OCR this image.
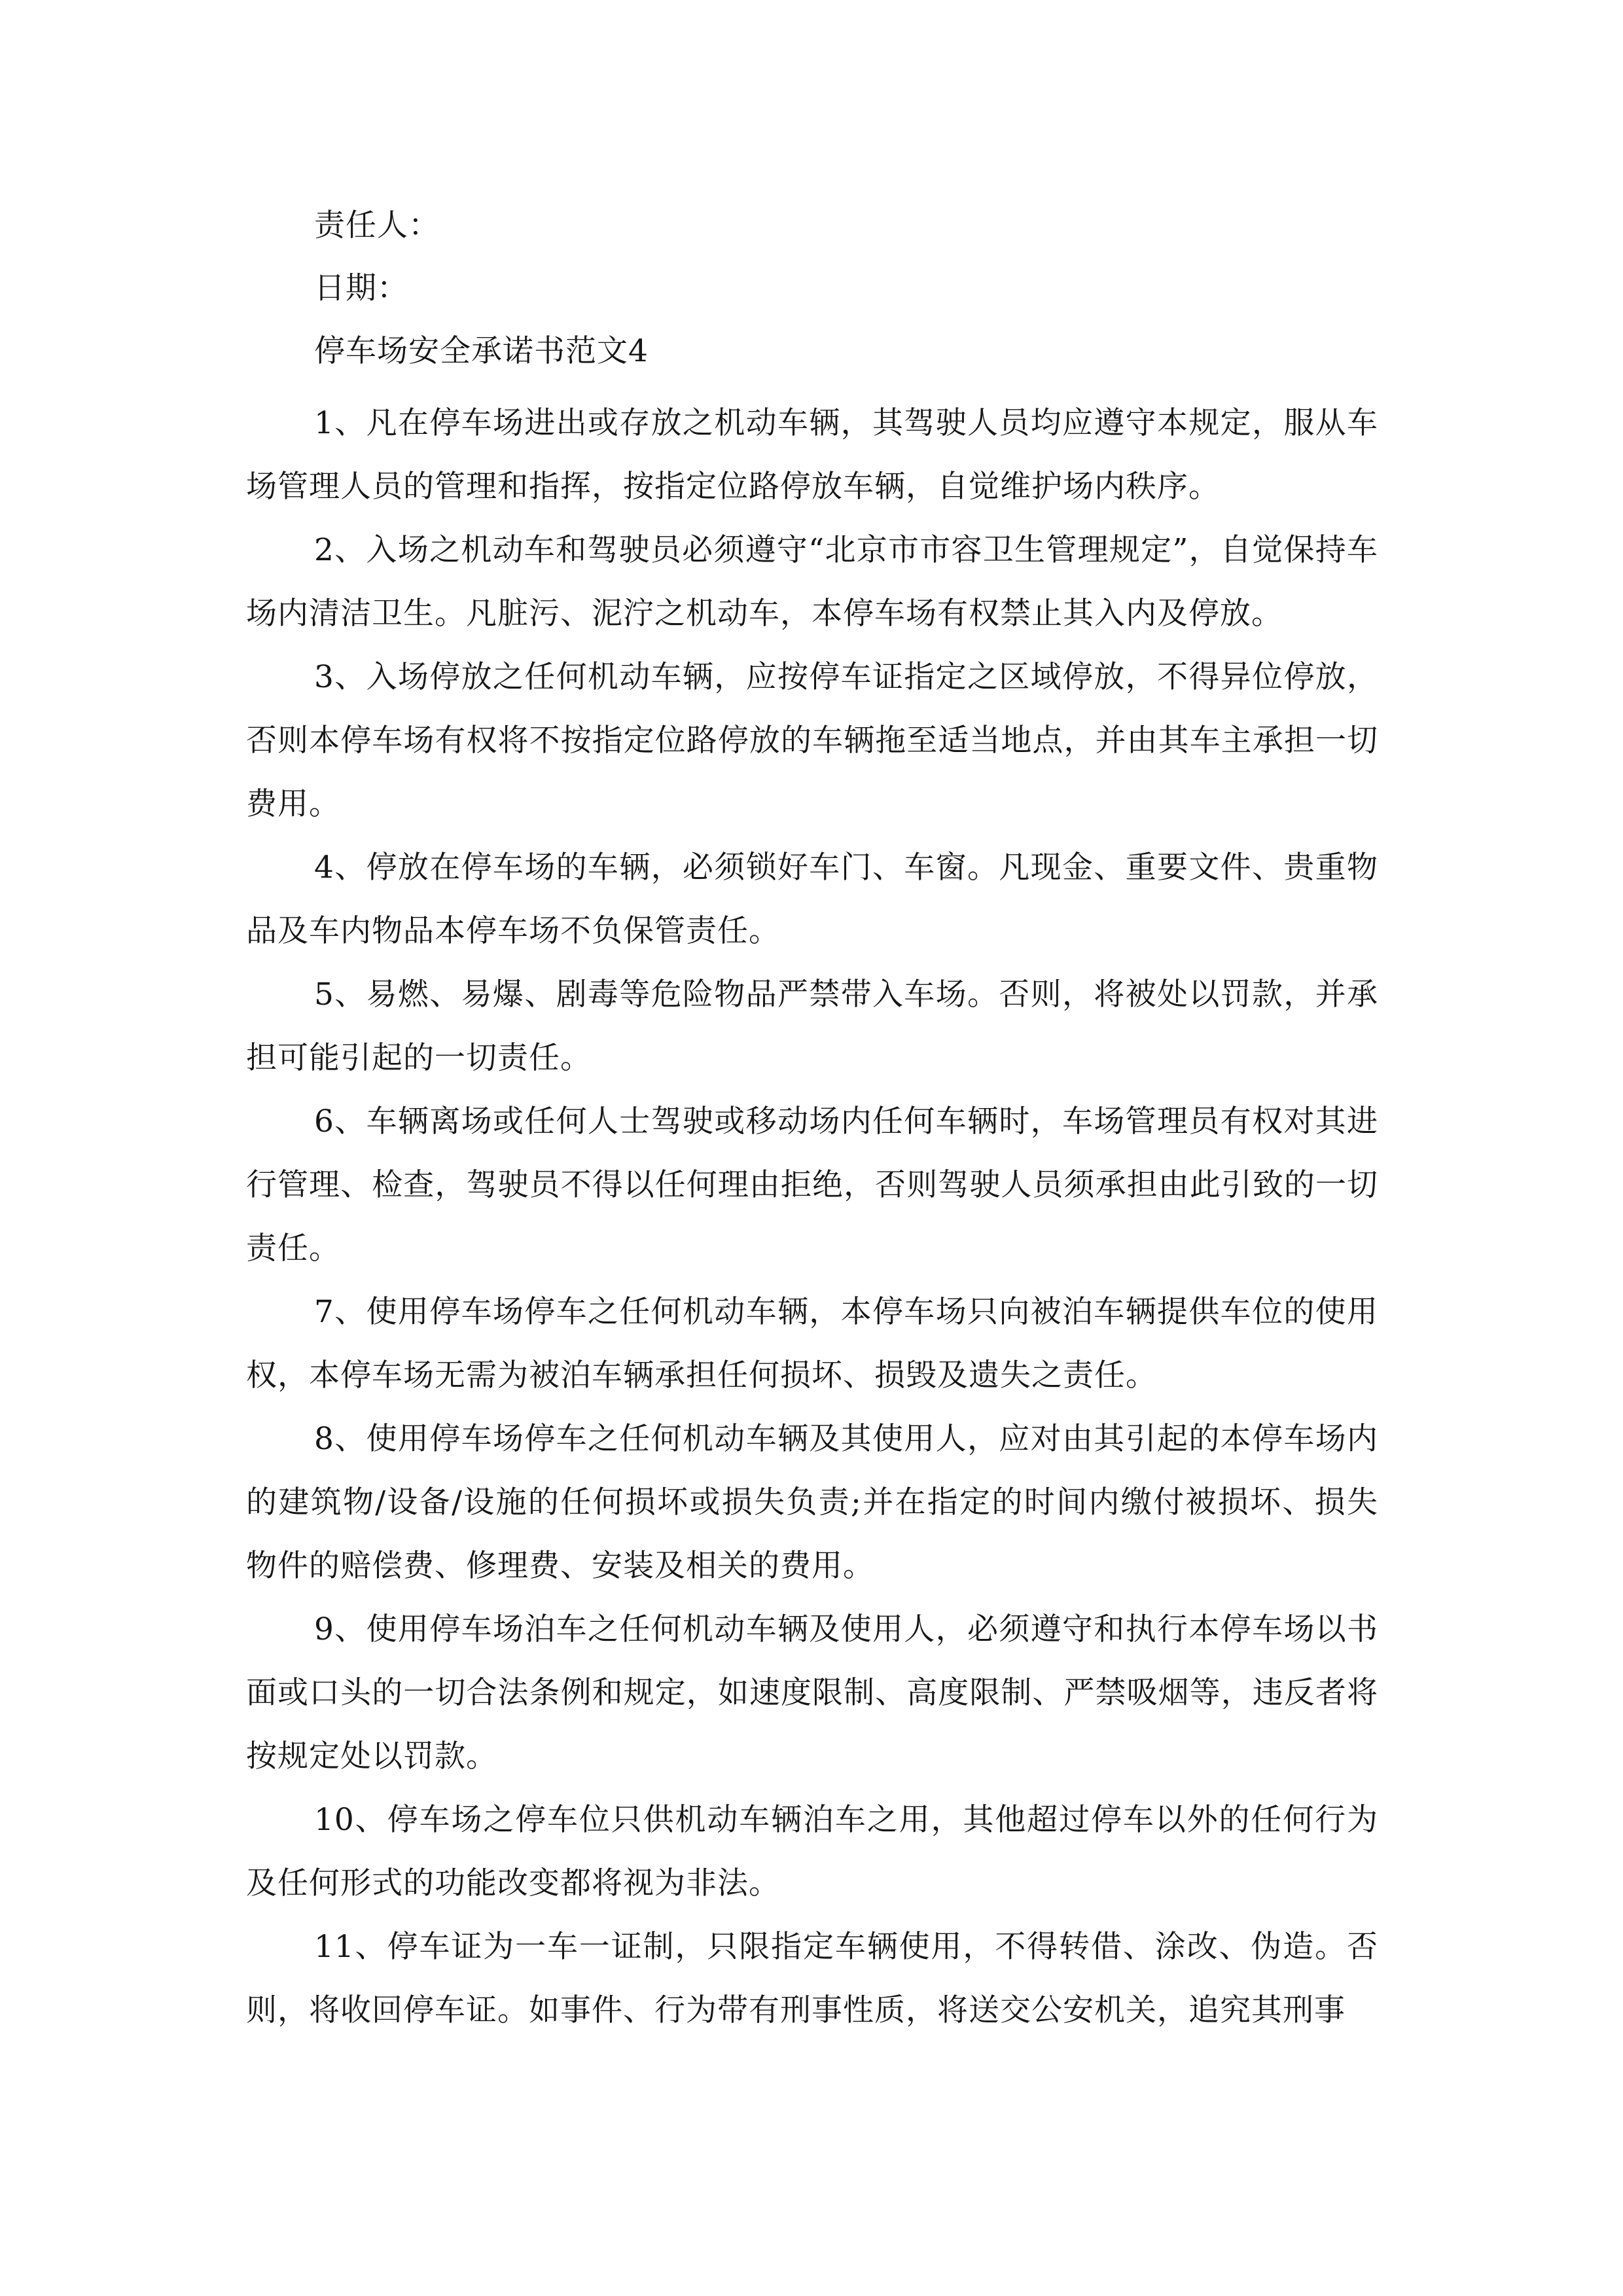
责任人：

日期：

停车场安全承诺书范文4

1、凡在停车场进出或存放之机动车辆，其驾驶人员均应遵守本规定，服从车场管理人员的管理和指挥，按指定位路停放车辆，自觉维护场内秩序。

2、入场之机动车和驾驶员必须遵守“北京市市容卫生管理规定”，自觉保持车场内清洁卫生。凡脏污、泥泞之机动车，本停车场有权禁止其入内及停放。

3、入场停放之任何机动车辆，应按停车证指定之区域停放，不得异位停放，否则本停车场有权将不按指定位路停放的车辆拖至适当地点，并由其车主承担一切费用。

4、停放在停车场的车辆，必须锁好车门、车窗。凡现金、重要文件、贵重物品及车内物品本停车场不负保管责任。

5、易燃、易爆、剧毒等危险物品严禁带入车场。否则，将被处以罚款，并承担可能引起的一切责任。

6、车辆离场或任何人士驾驶或移动场内任何车辆时，车场管理员有权对其进行管理、检查，驾驶员不得以任何理由拒绝，否则驾驶人员须承担由此引致的一切责任。

7、使用停车场停车之任何机动车辆，本停车场只向被泊车辆提供车位的使用权，本停车场无需为被泊车辆承担任何损坏、损毁及遗失之责任。

8、使用停车场停车之任何机动车辆及其使用人，应对由其引起的本停车场内的建筑物/设备/设施的任何损坏或损失负责;并在指定的时间内缴付被损坏、损失物件的赔偿费、修理费、安装及相关的费用。

9、使用停车场泊车之任何机动车辆及使用人，必须遵守和执行本停车场以书面或口头的一切合法条例和规定，如速度限制、高度限制、严禁吸烟等，违反者将按规定处以罚款。

10、停车场之停车位只供机动车辆泊车之用，其他超过停车以外的任何行为及任何形式的功能改变都将视为非法。

11、停车证为一车一证制，只限指定车辆使用，不得转借、涂改、伪造。否则，将收回停车证。如事件、行为带有刑事性质，将送交公安机关，追究其刑事
